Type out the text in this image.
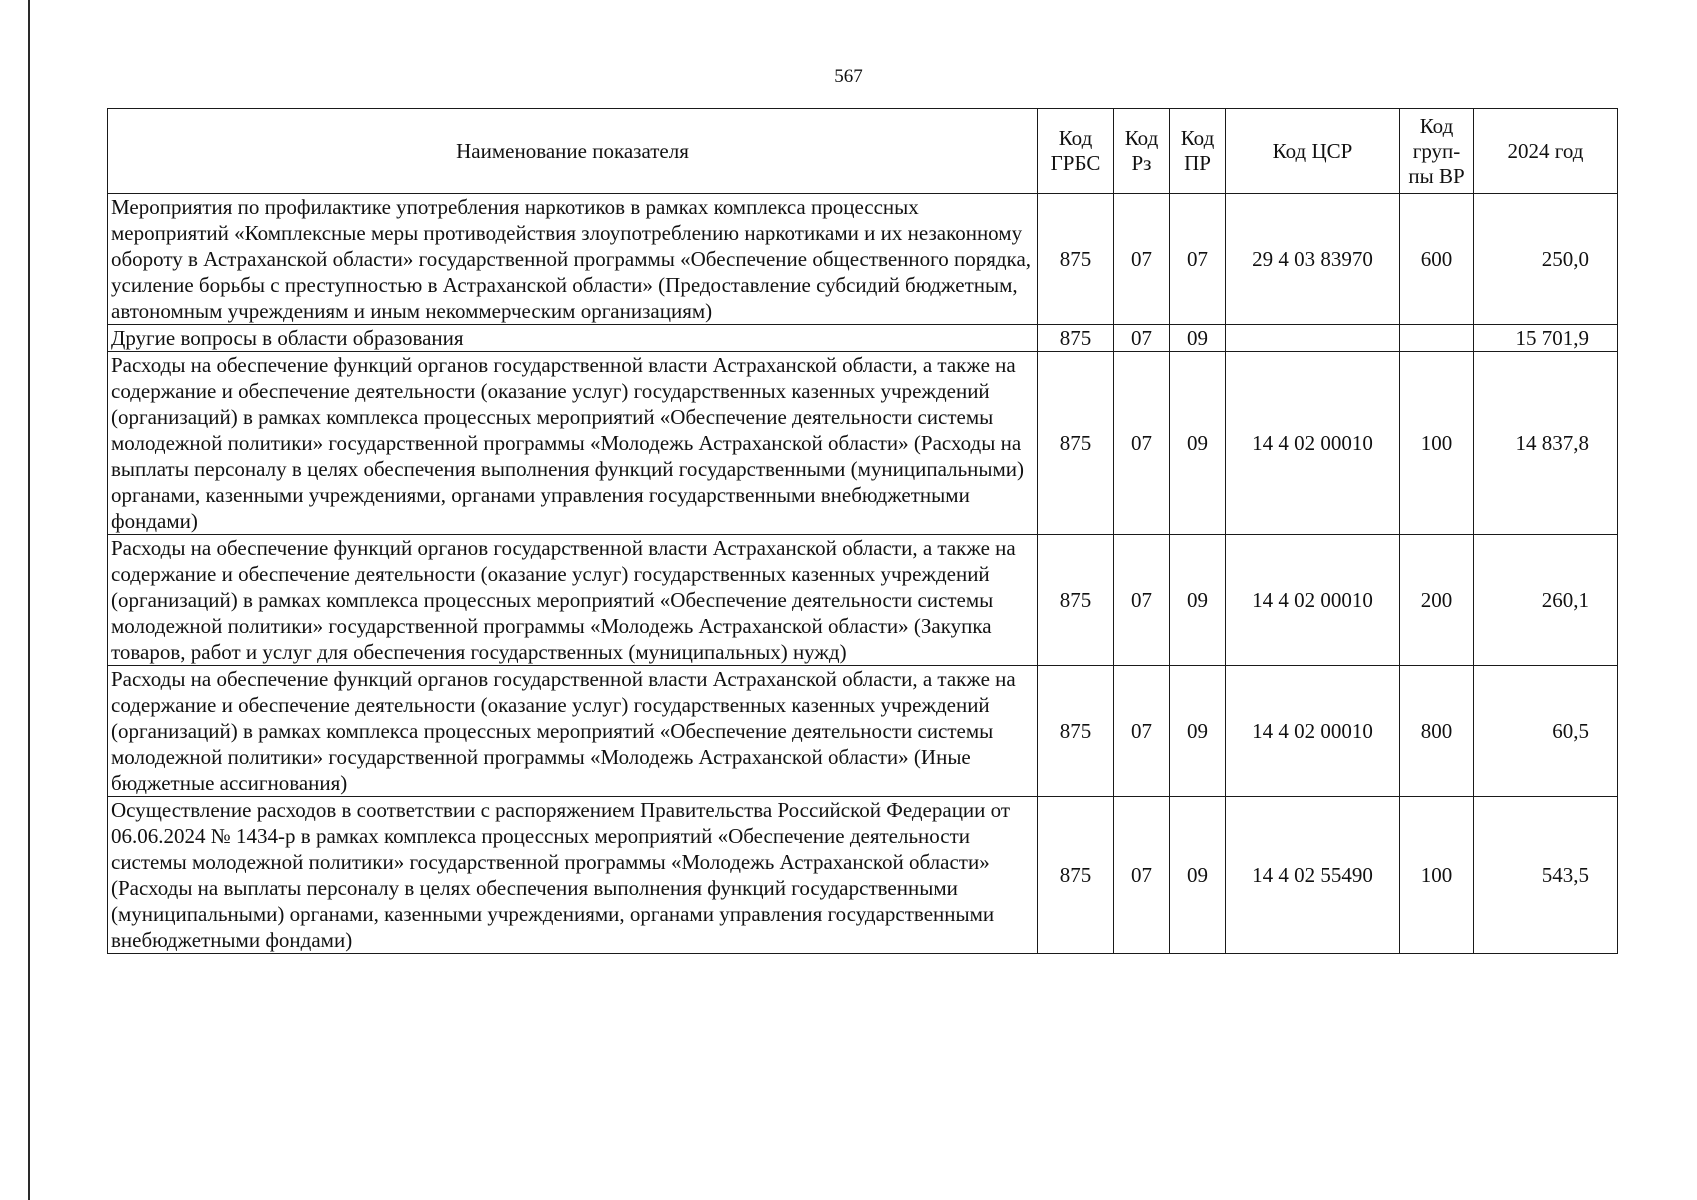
567
Наименование показателя	Код ГРБС	Код Рз	Код ПР	Код ЦСР	Код груп-пы ВР	2024 год
Мероприятия по профилактике употребления наркотиков в рамках комплекса процессных мероприятий «Комплексные меры противодействия злоупотреблению наркотиками и их незаконному обороту в Астраханской области» государственной программы «Обеспечение общественного порядка, усиление борьбы с преступностью в Астраханской области» (Предоставление субсидий бюджетным, автономным учреждениям и иным некоммерческим организациям)	875	07	07	29 4 03 83970	600	250,0
Другие вопросы в области образования	875	07	09			15 701,9
Расходы на обеспечение функций органов государственной власти Астраханской области, а также на содержание и обеспечение деятельности (оказание услуг) государственных казенных учреждений (организаций) в рамках комплекса процессных мероприятий «Обеспечение деятельности системы молодежной политики» государственной программы «Молодежь Астраханской области» (Расходы на выплаты персоналу в целях обеспечения выполнения функций государственными (муниципальными) органами, казенными учреждениями, органами управления государственными внебюджетными фондами)	875	07	09	14 4 02 00010	100	14 837,8
Расходы на обеспечение функций органов государственной власти Астраханской области, а также на содержание и обеспечение деятельности (оказание услуг) государственных казенных учреждений (организаций) в рамках комплекса процессных мероприятий «Обеспечение деятельности системы молодежной политики» государственной программы «Молодежь Астраханской области» (Закупка товаров, работ и услуг для обеспечения государственных (муниципальных) нужд)	875	07	09	14 4 02 00010	200	260,1
Расходы на обеспечение функций органов государственной власти Астраханской области, а также на содержание и обеспечение деятельности (оказание услуг) государственных казенных учреждений (организаций) в рамках комплекса процессных мероприятий «Обеспечение деятельности системы молодежной политики» государственной программы «Молодежь Астраханской области» (Иные бюджетные ассигнования)	875	07	09	14 4 02 00010	800	60,5
Осуществление расходов в соответствии с распоряжением Правительства Российской Федерации от 06.06.2024 № 1434-р в рамках комплекса процессных мероприятий «Обеспечение деятельности системы молодежной политики» государственной программы «Молодежь Астраханской области» (Расходы на выплаты персоналу в целях обеспечения выполнения функций государственными (муниципальными) органами, казенными учреждениями, органами управления государственными внебюджетными фондами)	875	07	09	14 4 02 55490	100	543,5
